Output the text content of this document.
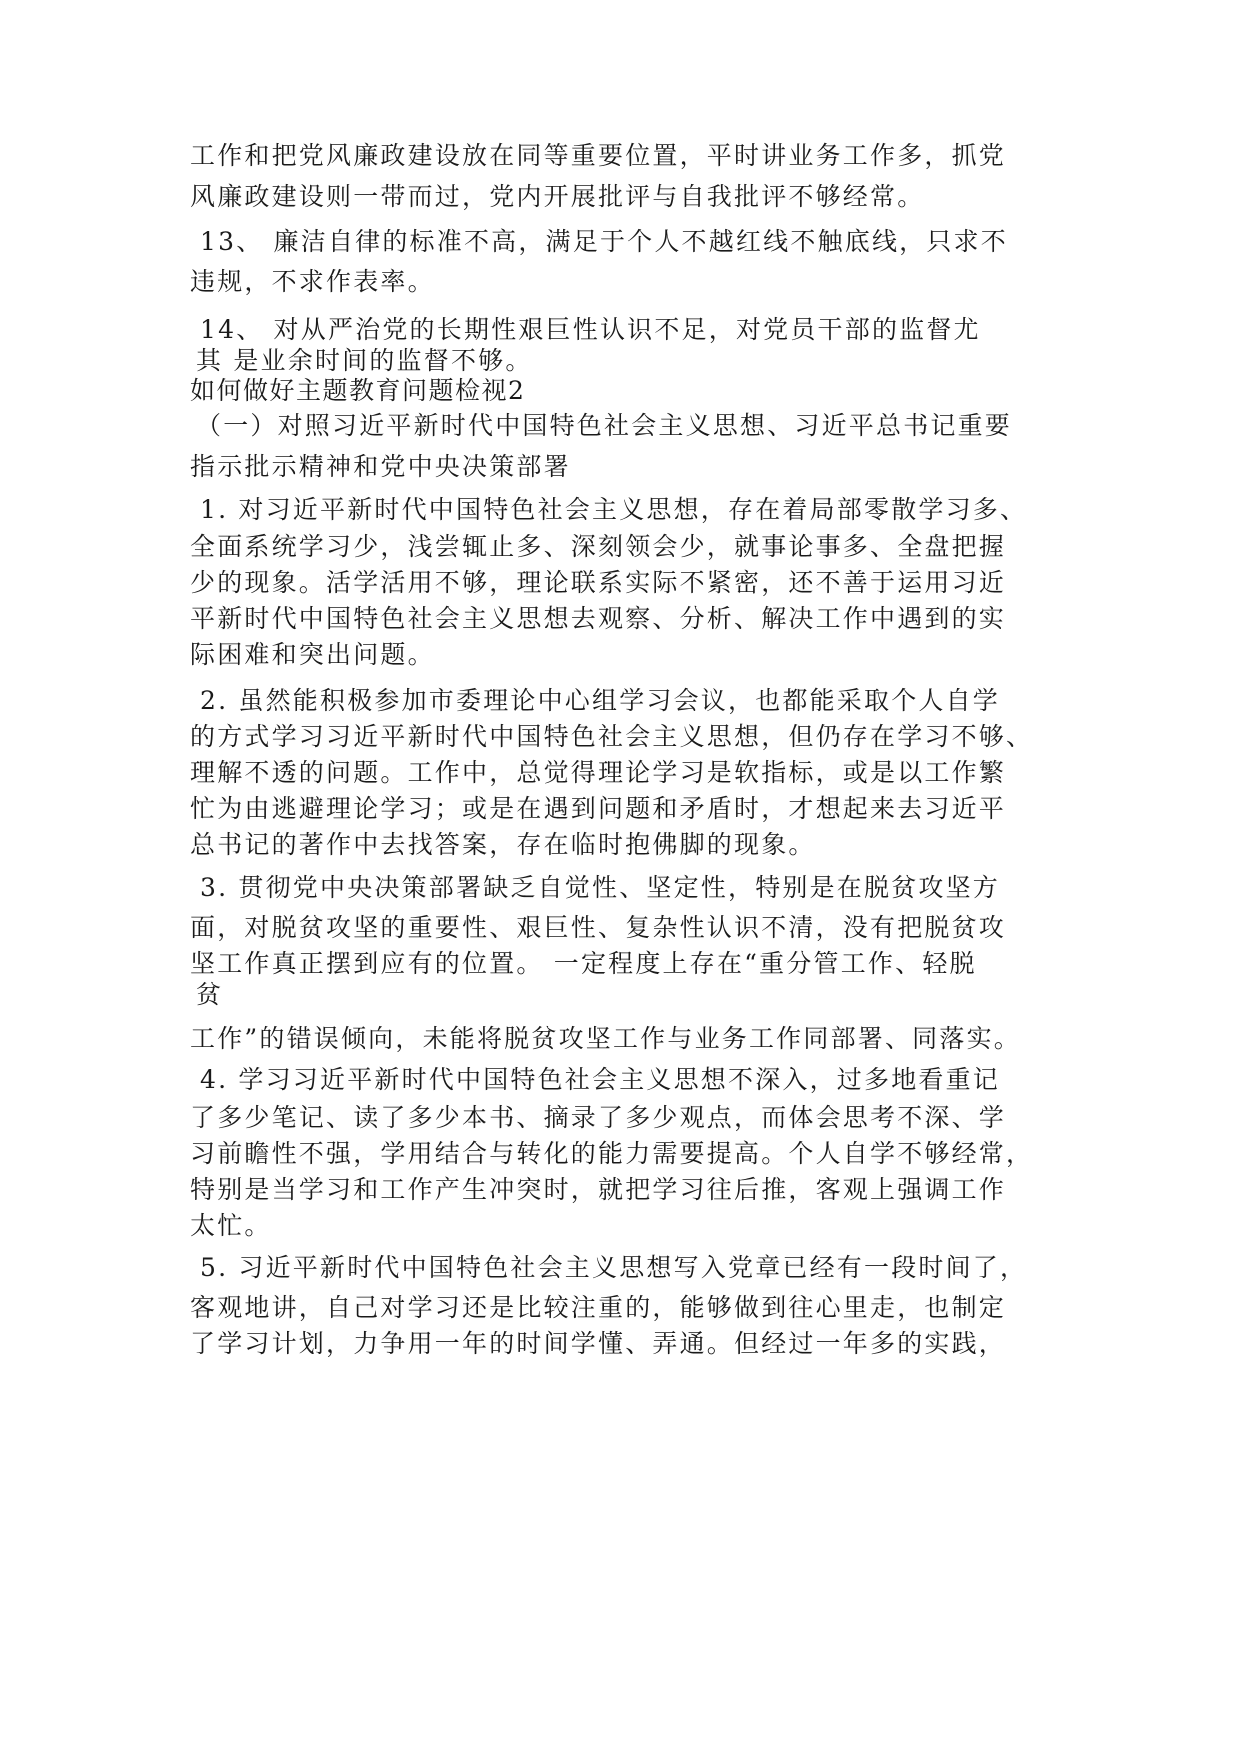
工作和把党风廉政建设放在同等重要位置，平时讲业务工作多，抓党
风廉政建设则一带而过，党内开展批评与自我批评不够经常。
13、 廉洁自律的标准不高，满足于个人不越红线不触底线，只求不
违规，不求作表率。
14、 对从严治党的长期性艰巨性认识不足，对党员干部的监督尤
其 是业余时间的监督不够。
如何做好主题教育问题检视2
（一）对照习近平新时代中国特色社会主义思想、习近平总书记重要
指示批示精神和党中央决策部署
1. 对习近平新时代中国特色社会主义思想，存在着局部零散学习多、
全面系统学习少，浅尝辄止多、深刻领会少，就事论事多、全盘把握
少的现象。活学活用不够，理论联系实际不紧密，还不善于运用习近
平新时代中国特色社会主义思想去观察、分析、解决工作中遇到的实
际困难和突出问题。
2. 虽然能积极参加市委理论中心组学习会议，也都能采取个人自学
的方式学习习近平新时代中国特色社会主义思想，但仍存在学习不够、
理解不透的问题。工作中，总觉得理论学习是软指标，或是以工作繁
忙为由逃避理论学习；或是在遇到问题和矛盾时，才想起来去习近平
总书记的著作中去找答案，存在临时抱佛脚的现象。
3. 贯彻党中央决策部署缺乏自觉性、坚定性，特别是在脱贫攻坚方
面，对脱贫攻坚的重要性、艰巨性、复杂性认识不清，没有把脱贫攻
坚工作真正摆到应有的位置。 一定程度上存在“重分管工作、轻脱
贫
工作”的错误倾向，未能将脱贫攻坚工作与业务工作同部署、同落实。
4. 学习习近平新时代中国特色社会主义思想不深入，过多地看重记
了多少笔记、读了多少本书、摘录了多少观点，而体会思考不深、学
习前瞻性不强，学用结合与转化的能力需要提高。个人自学不够经常，
特别是当学习和工作产生冲突时，就把学习往后推，客观上强调工作
太忙。
5. 习近平新时代中国特色社会主义思想写入党章已经有一段时间了，
客观地讲，自己对学习还是比较注重的，能够做到往心里走，也制定
了学习计划，力争用一年的时间学懂、弄通。但经过一年多的实践，
